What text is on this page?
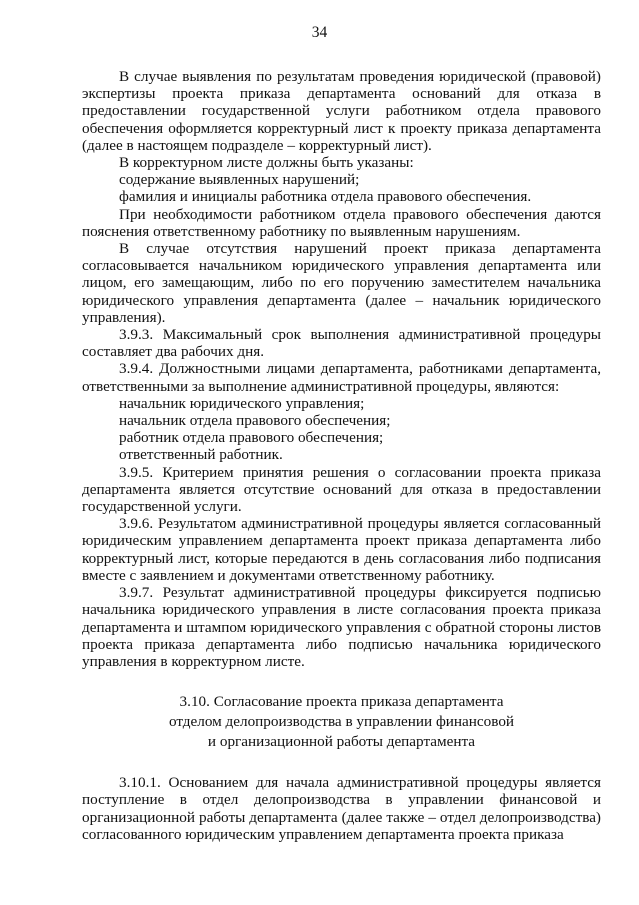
34

В случае выявления по результатам проведения юридической (правовой) экспертизы проекта приказа департамента оснований для отказа в предоставлении государственной услуги работником отдела правового обеспечения оформляется корректурный лист к проекту приказа департамента (далее в настоящем подразделе – корректурный лист).

В корректурном листе должны быть указаны:

содержание выявленных нарушений;

фамилия и инициалы работника отдела правового обеспечения.

При необходимости работником отдела правового обеспечения даются пояснения ответственному работнику по выявленным нарушениям.

В случае отсутствия нарушений проект приказа департамента согласовывается начальником юридического управления департамента или лицом, его замещающим, либо по его поручению заместителем начальника юридического управления департамента (далее – начальник юридического управления).

3.9.3. Максимальный срок выполнения административной процедуры составляет два рабочих дня.

3.9.4. Должностными лицами департамента, работниками департамента, ответственными за выполнение административной процедуры, являются:

начальник юридического управления;

начальник отдела правового обеспечения;

работник отдела правового обеспечения;

ответственный работник.

3.9.5. Критерием принятия решения о согласовании проекта приказа департамента является отсутствие оснований для отказа в предоставлении государственной услуги.

3.9.6. Результатом административной процедуры является согласованный юридическим управлением департамента проект приказа департамента либо корректурный лист, которые передаются в день согласования либо подписания вместе с заявлением и документами ответственному работнику.

3.9.7. Результат административной процедуры фиксируется подписью начальника юридического управления в листе согласования проекта приказа департамента и штампом юридического управления с обратной стороны листов проекта приказа департамента либо подписью начальника юридического управления в корректурном листе.

3.10. Согласование проекта приказа департамента
отделом делопроизводства в управлении финансовой
и организационной работы департамента

3.10.1. Основанием для начала административной процедуры является поступление в отдел делопроизводства в управлении финансовой и организационной работы департамента (далее также – отдел делопроизводства) согласованного юридическим управлением департамента проекта приказа
